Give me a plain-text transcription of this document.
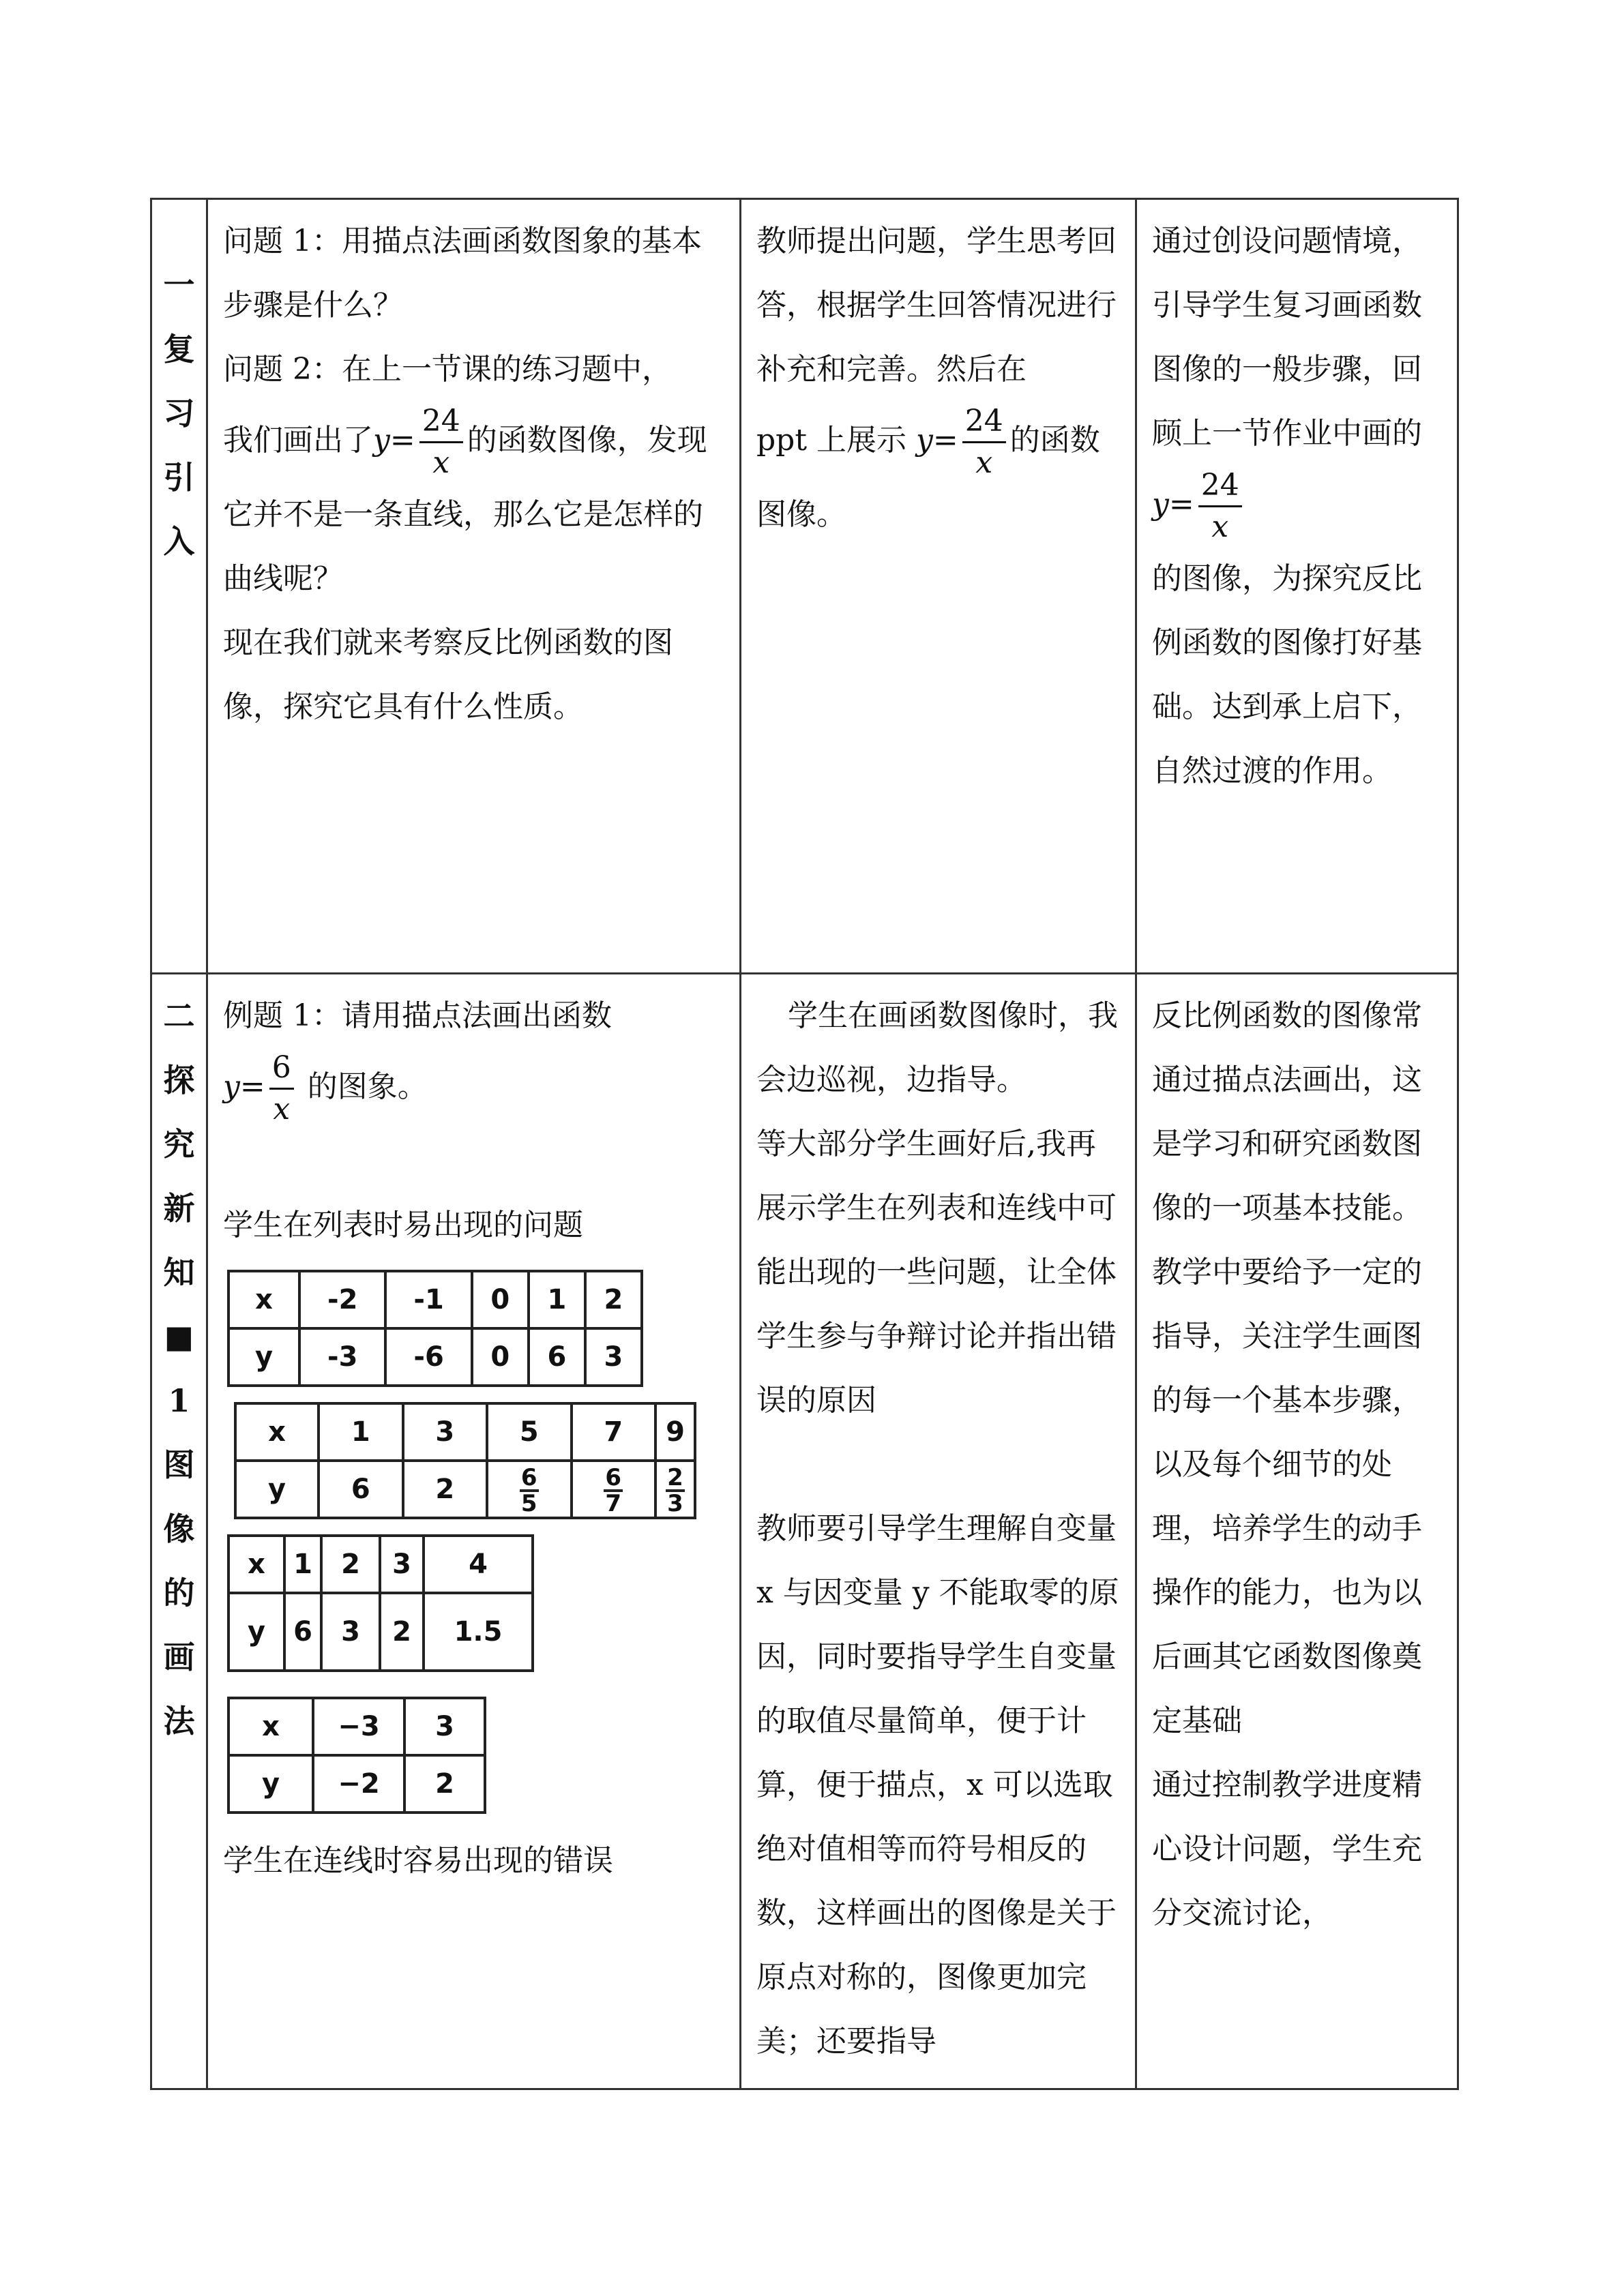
一
复
习
引
入

问题 1：用描点法画函数图象的基本步骤是什么？

问题 2：在上一节课的练习题中，

我们画出了$y= \frac{24}{x}$ 的函数图像，发现它并不是一条直线，那么它是怎样的曲线呢？

现在我们就来考察反比例函数的图像，探究它具有什么性质。

教师提出问题，学生思考回答，根据学生回答情况进行补充和完善。然后在

ppt 上展示 $y= \frac{24}{x}$ 的函数图像。

通过创设问题情境，引导学生复习画函数图像的一般步骤，回顾上一节作业中画的$y= \frac{24}{x}$

的图像，为探究反比例函数的图像打好基础。达到承上启下，自然过渡的作用。

二
探
究
新
知
■
1
图
像
的
画
法

例题 1：请用描点法画出函数

$y= \frac{6}{x}$ 的图象。

学生在列表时易出现的问题

x	-2	-1	0	1	2
y	-3	-6	0	6	3
x	1	3	5	7	9
y	6	2	$\frac{6}{5}$	$\frac{6}{7}$	$\frac{2}{3}$
x	1	2	3	4
y	6	3	2	1.5
x	−3	3
y	−2	2

学生在连线时容易出现的错误

学生在画函数图像时，我会边巡视，边指导。

等大部分学生画好后,我再展示学生在列表和连线中可能出现的一些问题，让全体学生参与争辩讨论并指出错误的原因

教师要引导学生理解自变量 x 与因变量 y 不能取零的原因，同时要指导学生自变量的取值尽量简单，便于计算，便于描点，x 可以选取绝对值相等而符号相反的数，这样画出的图像是关于原点对称的，图像更加完美；还要指导

反比例函数的图像常通过描点法画出，这是学习和研究函数图像的一项基本技能。

教学中要给予一定的指导，关注学生画图的每一个基本步骤，以及每个细节的处理，培养学生的动手操作的能力，也为以后画其它函数图像奠定基础

通过控制教学进度精心设计问题，学生充分交流讨论，
